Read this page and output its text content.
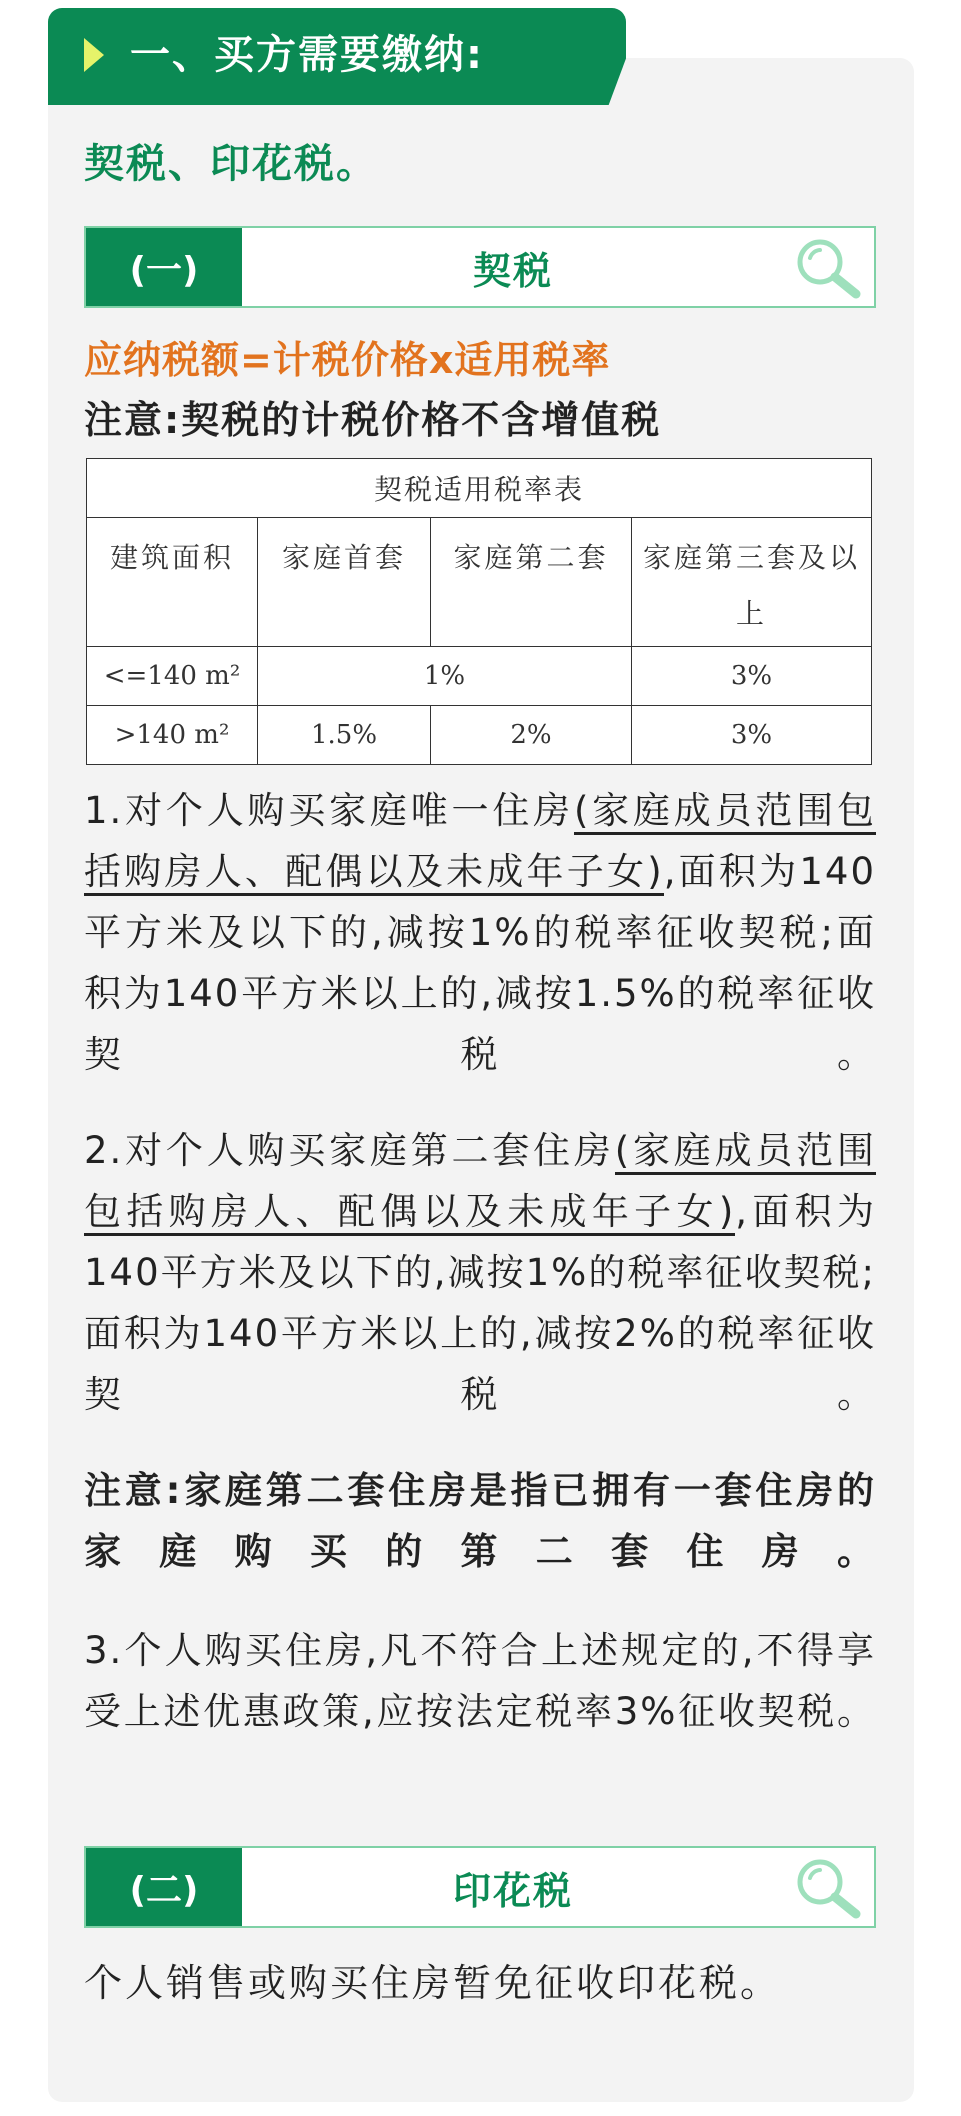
一、买方需要缴纳:
契税、印花税。
(一)	契税
应纳税额=计税价格x适用税率
注意:契税的计税价格不含增值税
契税适用税率表			
建筑面积	家庭首套	家庭第二套	家庭第三套及以上
<=140 m²	1%		3%
>140 m²	1.5%	2%	3%
1.对个人购买家庭唯一住房(家庭成员范围包括购房人、配偶以及未成年子女),面积为140平方米及以下的,减按1%的税率征收契税;面积为140平方米以上的,减按1.5%的税率征收契税。
2.对个人购买家庭第二套住房(家庭成员范围包括购房人、配偶以及未成年子女),面积为140平方米及以下的,减按1%的税率征收契税;面积为140平方米以上的,减按2%的税率征收契税。
注意:家庭第二套住房是指已拥有一套住房的家庭购买的第二套住房。
3.个人购买住房,凡不符合上述规定的,不得享受上述优惠政策,应按法定税率3%征收契税。
(二)	印花税
个人销售或购买住房暂免征收印花税。
